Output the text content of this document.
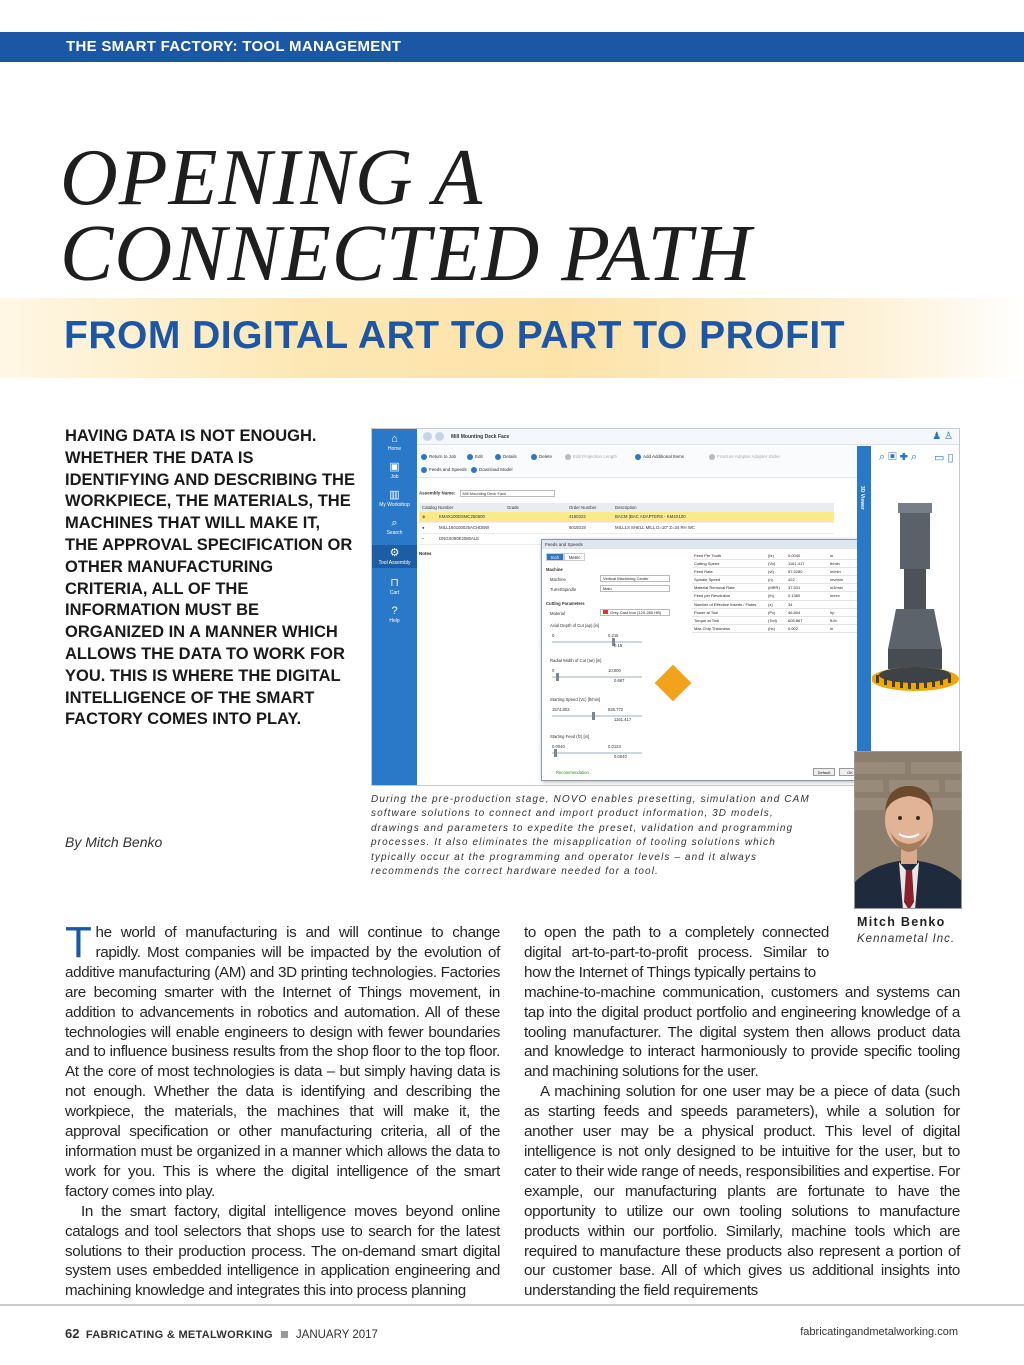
THE SMART FACTORY: TOOL MANAGEMENT
OPENING A
CONNECTED PATH
FROM DIGITAL ART TO PART TO PROFIT
HAVING DATA IS NOT ENOUGH. WHETHER THE DATA IS IDENTIFYING AND DESCRIBING THE WORKPIECE, THE MATERIALS, THE MACHINES THAT WILL MAKE IT, THE APPROVAL SPECIFICATION OR OTHER MANUFACTURING CRITERIA, ALL OF THE INFORMATION MUST BE ORGANIZED IN A MANNER WHICH ALLOWS THE DATA TO WORK FOR YOU. THIS IS WHERE THE DIGITAL INTELLIGENCE OF THE SMART FACTORY COMES INTO PLAY.
By Mitch Benko
⌂
Home
▣
Job
▥
My Workshop
⌕
Search
⚙
Tool Assembly
⊓
Cart
?
Help
Mill Mounting Deck Face	♟ ♙
Return to Job	Edit	Details	Delete	Edit Projection Length	Add Additional Items	Fracture Adapter Adapter Slider
Feeds and Speeds	Download Model
Assembly Name: Mill Mounting Deck Face
Catalog Number	Grade	Order Number	Description
◆	KM4X100DSMC250600	4160322	BACM (BAC ADAPTERS - KM4X100
●	MILL160100025ACHDBW	6019319	MILL1S SHELL MILL D=10" Z=34 RH WC
▪	DNGX090K2080ALE
Notes
Feeds and Speeds
Inch	Metric
Machine
Machine	Vertical Machining Center
Turret/Spindle	Main
Cutting Parameters
Material	Grey Cast Iron (120-280 HB)
Axial Depth of Cut (ap) [in]
0	0.215
0.15
Radial Width of Cut (ae) [in]
0	10.000
0.667
Starting Speed (Vc) [ft/min]
1574.803	826.772
1161.417
Starting Feed (fz) [in]
0.0040	0.0124
0.0040
Recommendation
Feed Per Tooth	(fz)	0.0040	in
Cutting Speed	(Vc)	1161.417	ft/min
Feed Rate	(vf)	57.5280	in/min
Spindle Speed	(n)	422	rev/min
Material Removal Rate	(MRR) 37.531	in3/min
Feed per Revolution	(fn)	0.1360	in/rev
Number of Effective Inserts / Flutes	(z)	34
Power at Tool	(Pc)	46.804	hp
Torque at Tool	(Tcd)	605.867	ft-lb
Max Chip Thickness	(hx)	0.002	in
Default	OK
3D Viewer
⌕ ▣ ✚ ⌕ ▭ ▯
During the pre-production stage, NOVO enables presetting, simulation and CAM software solutions to connect and import product information, 3D models, drawings and parameters to expedite the preset, validation and programming processes. It also eliminates the misapplication of tooling solutions which typically occur at the programming and operator levels – and it always recommends the correct hardware needed for a tool.
Mitch Benko
Kennametal Inc.

The world of manufacturing is and will continue to change rapidly. Most companies will be impacted by the evolution of additive manufacturing (AM) and 3D printing technologies. Factories are becoming smarter with the Internet of Things movement, in addition to advancements in robotics and automation. All of these technologies will enable engineers to design with fewer boundaries and to influence business results from the shop floor to the top floor. At the core of most technologies is data – but simply having data is not enough. Whether the data is identifying and describing the workpiece, the materials, the machines that will make it, the approval specification or other manufacturing criteria, all of the information must be organized in a manner which allows the data to work for you. This is where the digital intelligence of the smart factory comes into play.

In the smart factory, digital intelligence moves beyond online catalogs and tool selectors that shops use to search for the latest solutions to their production process. The on-demand smart digital system uses embedded intelligence in application engineering and machining knowledge and integrates this into process planning

to open the path to a completely connected digital art-to-part-to-profit process. Similar to how the Internet of Things typically pertains to

machine-to-machine communication, customers and systems can tap into the digital product portfolio and engineering knowledge of a tooling manufacturer. The digital system then allows product data and knowledge to interact harmoniously to provide specific tooling and machining solutions for the user.

A machining solution for one user may be a piece of data (such as starting feeds and speeds parameters), while a solution for another user may be a physical product. This level of digital intelligence is not only designed to be intuitive for the user, but to cater to their wide range of needs, responsibilities and expertise. For example, our manufacturing plants are fortunate to have the opportunity to utilize our own tooling solutions to manufacture products within our portfolio. Similarly, machine tools which are required to manufacture these products also represent a portion of our customer base. All of which gives us additional insights into understanding the field requirements

62 FABRICATING & METALWORKING JANUARY 2017	fabricatingandmetalworking.com
